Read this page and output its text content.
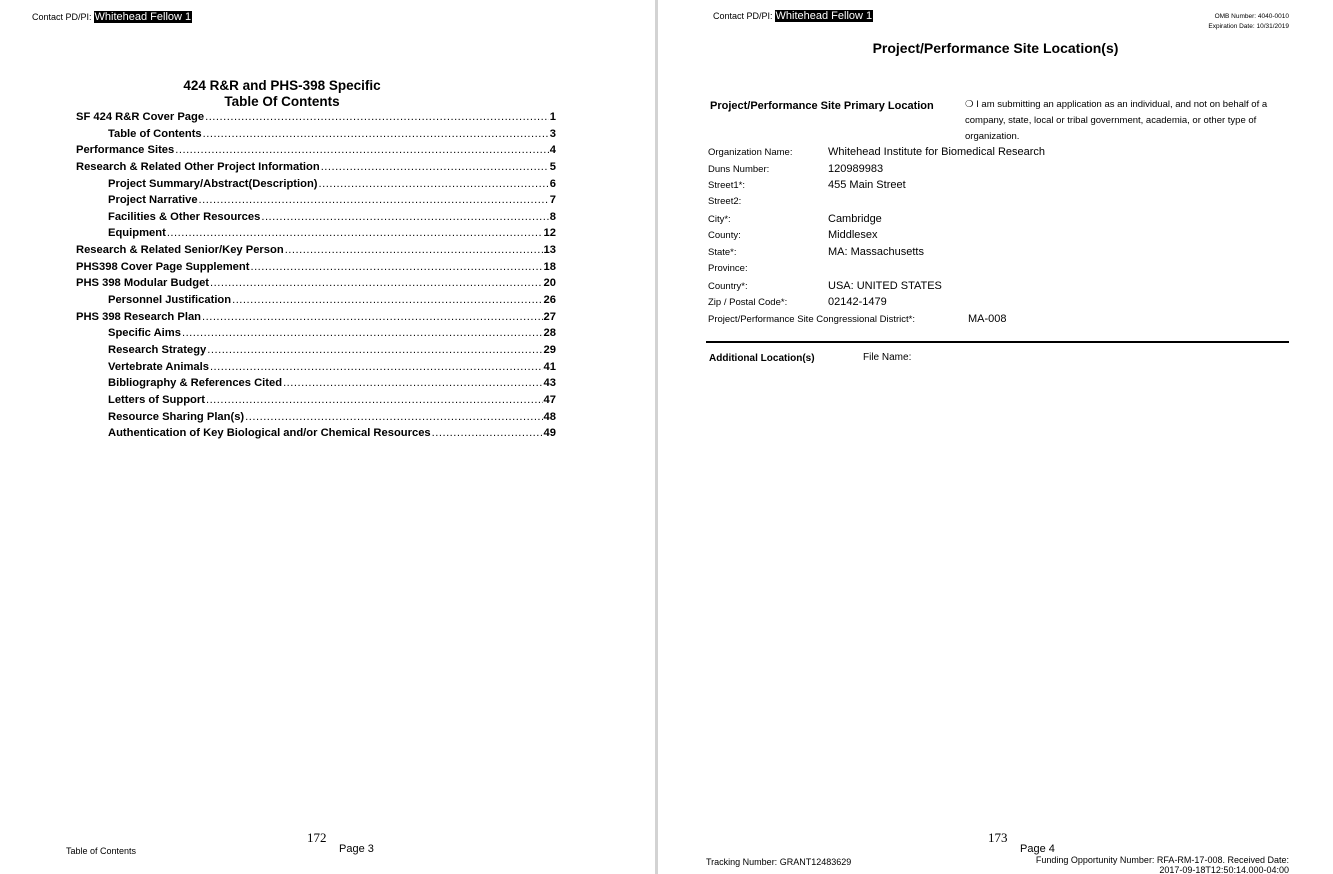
Contact PD/PI: Whitehead Fellow 1
424 R&R and PHS-398 Specific
Table Of Contents
SF 424 R&R Cover Page .....	1
Table of Contents .....	3
Performance Sites .....	4
Research & Related Other Project Information .....	5
Project Summary/Abstract(Description) .....	6
Project Narrative .....	7
Facilities & Other Resources .....	8
Equipment .....	12
Research & Related Senior/Key Person .....	13
PHS398 Cover Page Supplement .....	18
PHS 398 Modular Budget .....	20
Personnel Justification .....	26
PHS 398 Research Plan .....	27
Specific Aims .....	28
Research Strategy .....	29
Vertebrate Animals .....	41
Bibliography & References Cited .....	43
Letters of Support .....	47
Resource Sharing Plan(s) .....	48
Authentication of Key Biological and/or Chemical Resources .....	49
172
Table of Contents	Page 3
Contact PD/PI: Whitehead Fellow 1	OMB Number: 4040-0010
Expiration Date: 10/31/2019
Project/Performance Site Location(s)
Project/Performance Site Primary Location	❍ I am submitting an application as an individual, and not on behalf of a company, state, local or tribal government, academia, or other type of organization.
Organization Name:	Whitehead Institute for Biomedical Research
Duns Number:	120989983
Street1*:	455 Main Street
Street2:
City*:	Cambridge
County:	Middlesex
State*:	MA: Massachusetts
Province:
Country*:	USA: UNITED STATES
Zip / Postal Code*:	02142-1479
Project/Performance Site Congressional District*:	MA-008
Additional Location(s)	File Name:
173
Page 4
Tracking Number: GRANT12483629	Funding Opportunity Number: RFA-RM-17-008. Received Date:
2017-09-18T12:50:14.000-04:00
